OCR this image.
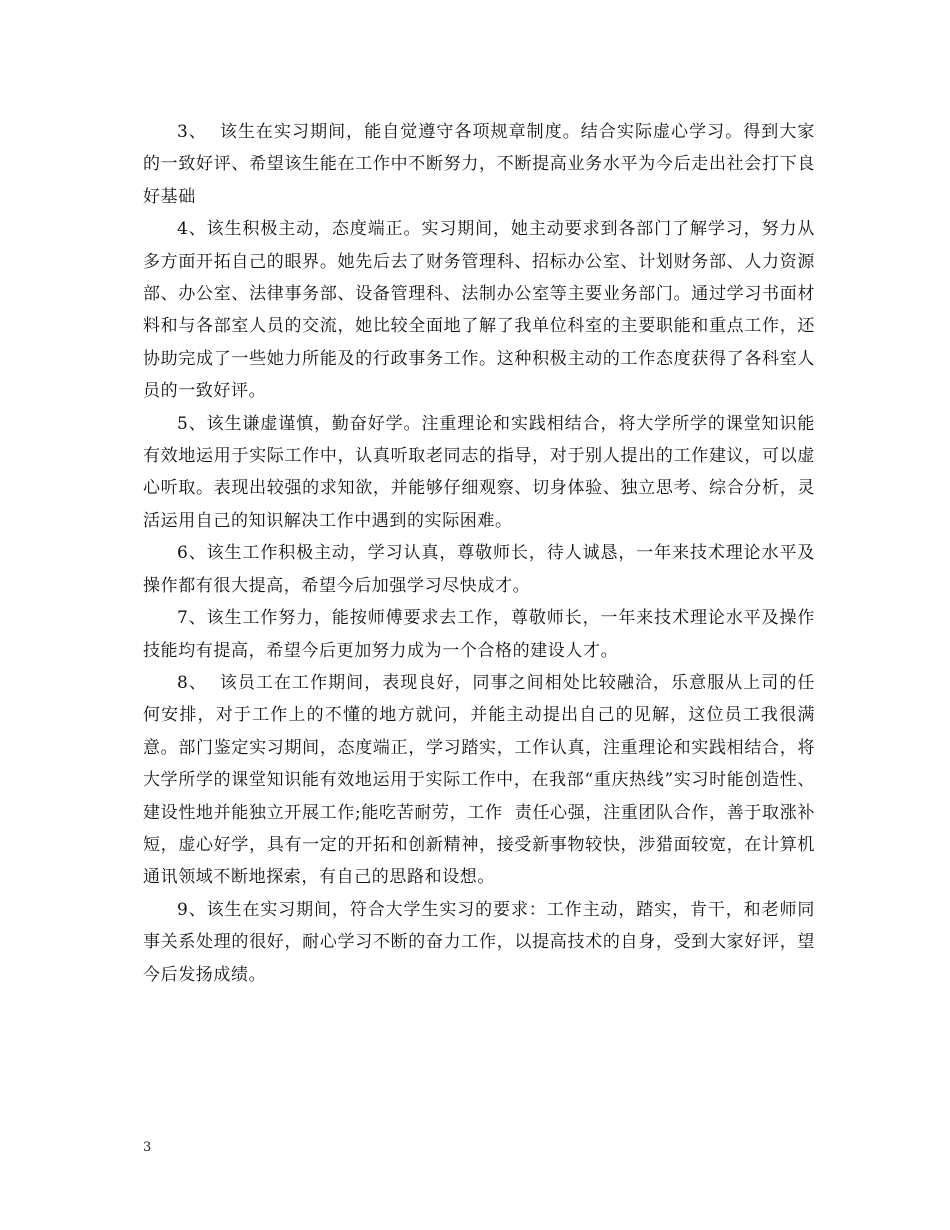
3、  该生在实习期间，能自觉遵守各项规章制度。结合实际虚心学习。得到大家的一致好评、希望该生能在工作中不断努力，不断提高业务水平为今后走出社会打下良好基础

4、该生积极主动，态度端正。实习期间，她主动要求到各部门了解学习，努力从多方面开拓自己的眼界。她先后去了财务管理科、招标办公室、计划财务部、人力资源部、办公室、法律事务部、设备管理科、法制办公室等主要业务部门。通过学习书面材料和与各部室人员的交流，她比较全面地了解了我单位科室的主要职能和重点工作，还协助完成了一些她力所能及的行政事务工作。这种积极主动的工作态度获得了各科室人员的一致好评。

5、该生谦虚谨慎，勤奋好学。注重理论和实践相结合，将大学所学的课堂知识能有效地运用于实际工作中，认真听取老同志的指导，对于别人提出的工作建议，可以虚心听取。表现出较强的求知欲，并能够仔细观察、切身体验、独立思考、综合分析，灵活运用自己的知识解决工作中遇到的实际困难。

6、该生工作积极主动，学习认真，尊敬师长，待人诚恳，一年来技术理论水平及操作都有很大提高，希望今后加强学习尽快成才。

7、该生工作努力，能按师傅要求去工作，尊敬师长，一年来技术理论水平及操作技能均有提高，希望今后更加努力成为一个合格的建设人才。

8、  该员工在工作期间，表现良好，同事之间相处比较融洽，乐意服从上司的任何安排，对于工作上的不懂的地方就问，并能主动提出自己的见解，这位员工我很满意。部门鉴定实习期间，态度端正，学习踏实，工作认真，注重理论和实践相结合，将大学所学的课堂知识能有效地运用于实际工作中，在我部“重庆热线”实习时能创造性、建设性地并能独立开展工作;能吃苦耐劳，工作  责任心强，注重团队合作，善于取涨补短，虚心好学，具有一定的开拓和创新精神，接受新事物较快，涉猎面较宽，在计算机通讯领域不断地探索，有自己的思路和设想。

9、该生在实习期间，符合大学生实习的要求：工作主动，踏实，肯干，和老师同事关系处理的很好，耐心学习不断的奋力工作，以提高技术的自身，受到大家好评，望今后发扬成绩。

3
